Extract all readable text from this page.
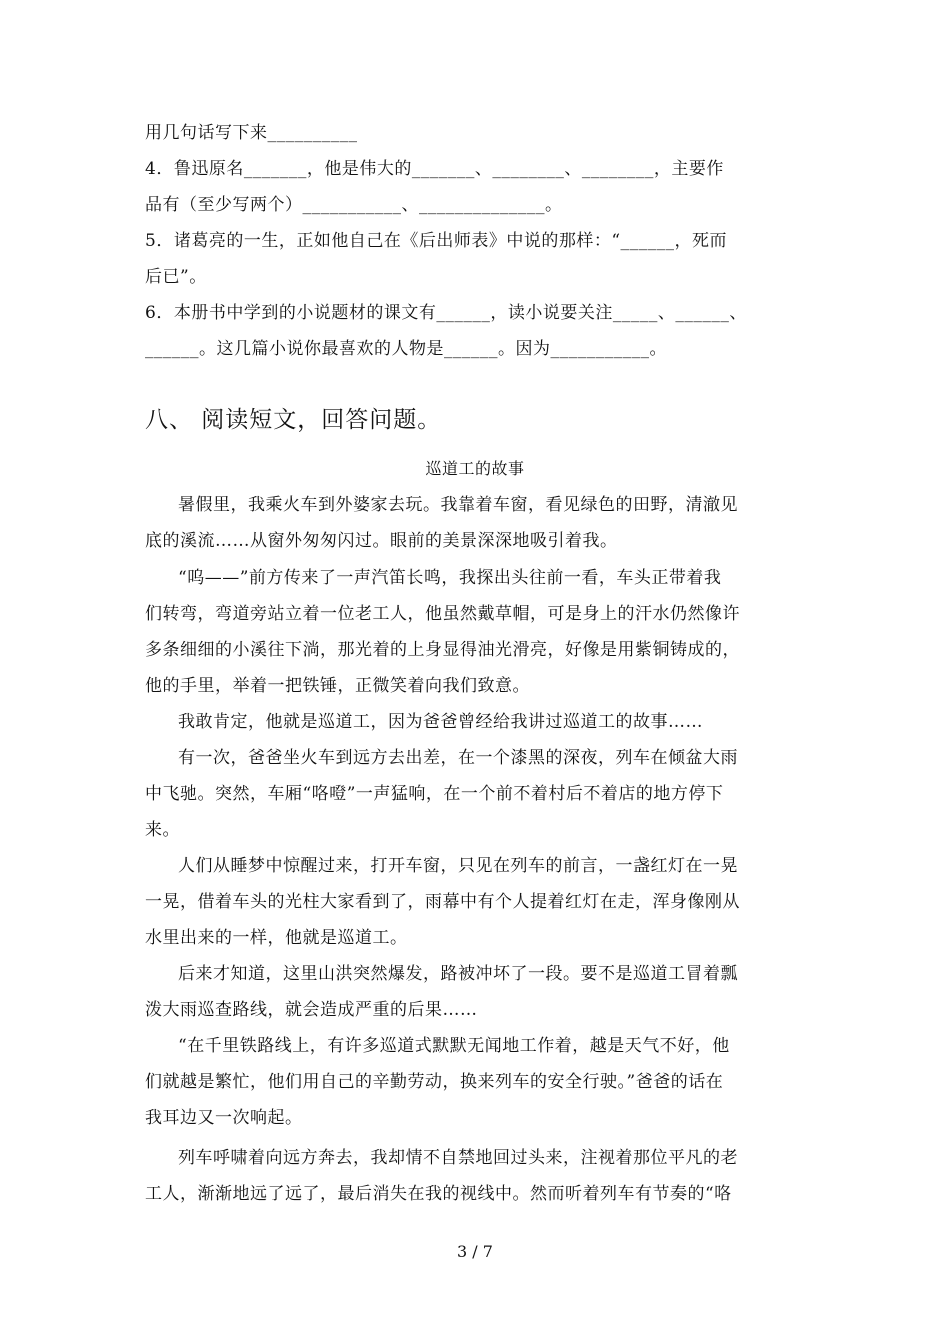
用几句话写下来__________
4．鲁迅原名_______，他是伟大的_______、________、________，主要作
品有（至少写两个）___________、______________。
5．诸葛亮的一生，正如他自己在《后出师表》中说的那样：“______，死而
后已”。
6．本册书中学到的小说题材的课文有______，读小说要关注_____、______、
______。这几篇小说你最喜欢的人物是______。因为___________。
八、 阅读短文，回答问题。
巡道工的故事
暑假里，我乘火车到外婆家去玩。我靠着车窗，看见绿色的田野，清澈见
底的溪流……从窗外匆匆闪过。眼前的美景深深地吸引着我。
“呜——”前方传来了一声汽笛长鸣，我探出头往前一看，车头正带着我
们转弯，弯道旁站立着一位老工人，他虽然戴草帽，可是身上的汗水仍然像许
多条细细的小溪往下淌，那光着的上身显得油光滑亮，好像是用紫铜铸成的，
他的手里，举着一把铁锤，正微笑着向我们致意。
我敢肯定，他就是巡道工，因为爸爸曾经给我讲过巡道工的故事……
有一次，爸爸坐火车到远方去出差，在一个漆黑的深夜，列车在倾盆大雨
中飞驰。突然，车厢“咯噔”一声猛响，在一个前不着村后不着店的地方停下
来。
人们从睡梦中惊醒过来，打开车窗，只见在列车的前言，一盏红灯在一晃
一晃，借着车头的光柱大家看到了，雨幕中有个人提着红灯在走，浑身像刚从
水里出来的一样，他就是巡道工。
后来才知道，这里山洪突然爆发，路被冲坏了一段。要不是巡道工冒着瓢
泼大雨巡查路线，就会造成严重的后果……
“在千里铁路线上，有许多巡道式默默无闻地工作着，越是天气不好，他
们就越是繁忙，他们用自己的辛勤劳动，换来列车的安全行驶。”爸爸的话在
我耳边又一次响起。
列车呼啸着向远方奔去，我却情不自禁地回过头来，注视着那位平凡的老
工人，渐渐地远了远了，最后消失在我的视线中。然而听着列车有节奏的“咯
3 / 7
